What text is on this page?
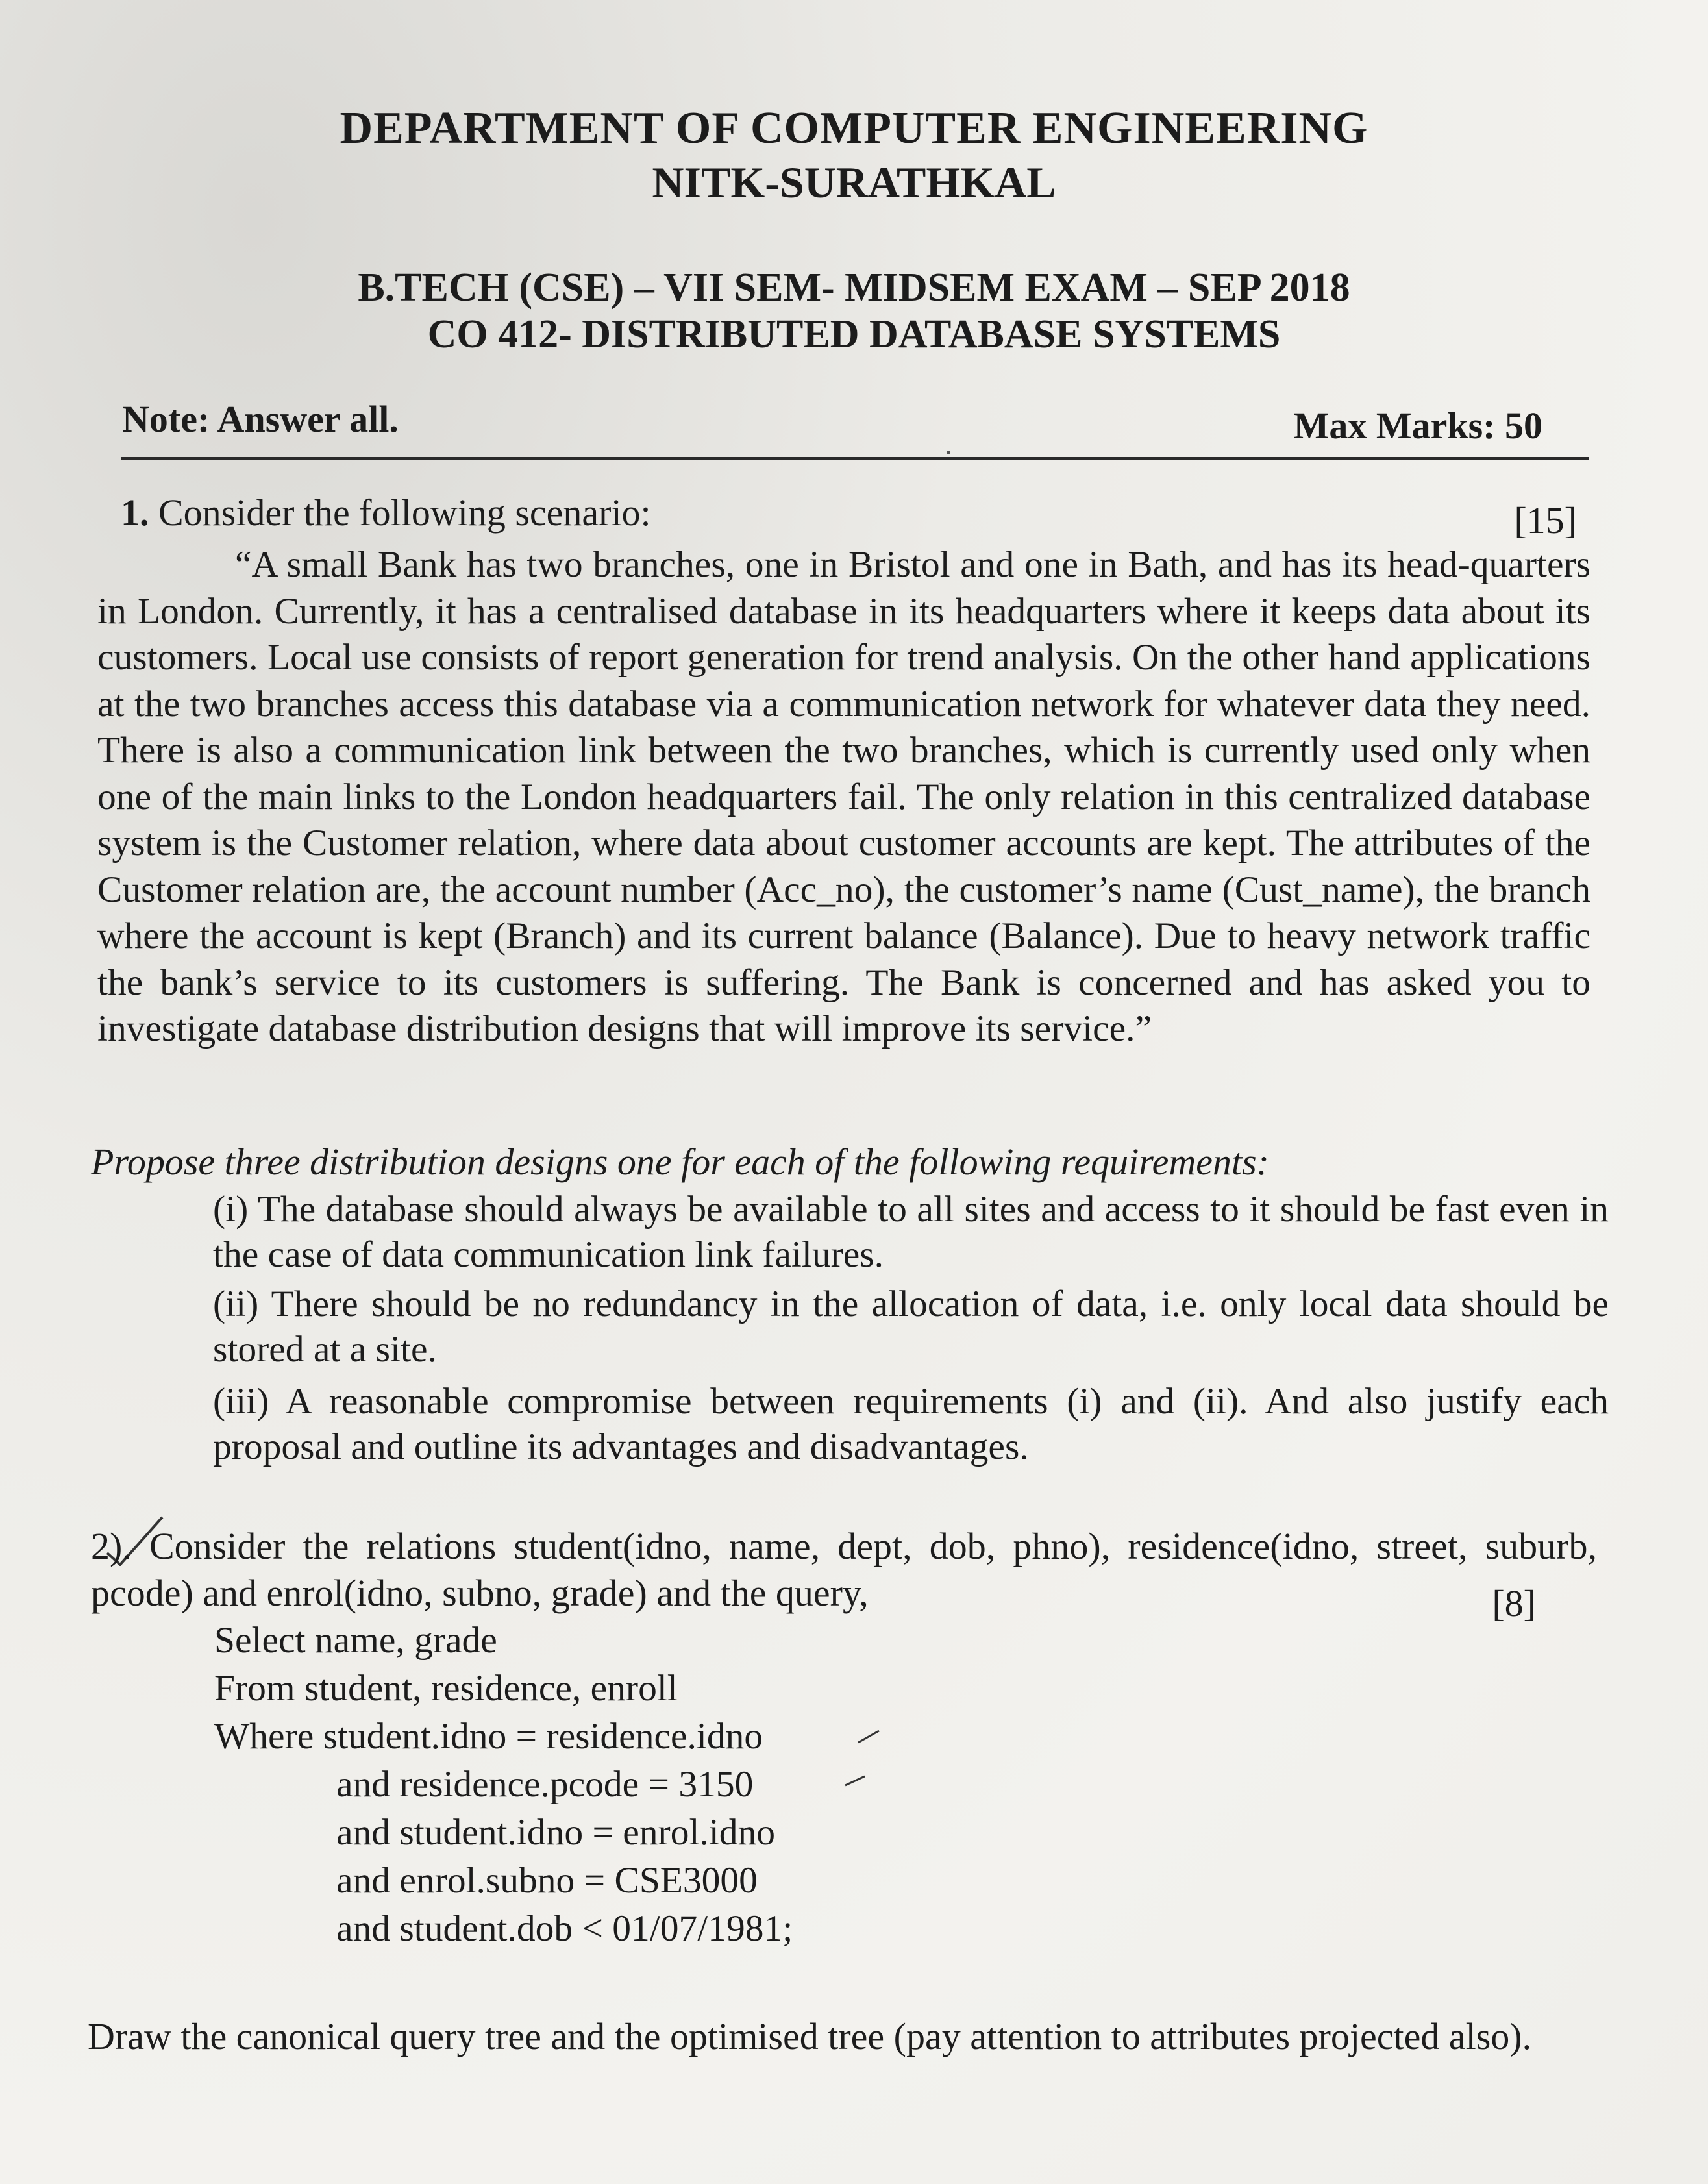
DEPARTMENT OF COMPUTER ENGINEERING
NITK-SURATHKAL
B.TECH (CSE) – VII SEM- MIDSEM EXAM – SEP 2018
CO 412- DISTRIBUTED DATABASE SYSTEMS
Note: Answer all.	Max Marks: 50
1. Consider the following scenario:	[15]
“A small Bank has two branches, one in Bristol and one in Bath, and has its head-quarters in London. Currently, it has a centralised database in its headquarters where it keeps data about its customers. Local use consists of report generation for trend analysis. On the other hand applications at the two branches access this database via a communication network for whatever data they need. There is also a communication link between the two branches, which is currently used only when one of the main links to the London headquarters fail. The only relation in this centralized database system is the Customer relation, where data about customer accounts are kept. The attributes of the Customer relation are, the account number (Acc_no), the customer’s name (Cust_name), the branch where the account is kept (Branch) and its current balance (Balance). Due to heavy network traffic the bank’s service to its customers is suffering. The Bank is concerned and has asked you to investigate database distribution designs that will improve its service.”
Propose three distribution designs one for each of the following requirements:
(i) The database should always be available to all sites and access to it should be fast even in the case of data communication link failures.
(ii) There should be no redundancy in the allocation of data, i.e. only local data should be stored at a site.
(iii) A reasonable compromise between requirements (i) and (ii). And also justify each proposal and outline its advantages and disadvantages.
2). Consider the relations student(idno, name, dept, dob, phno), residence(idno, street, suburb, pcode) and enrol(idno, subno, grade) and the query,	[8]
Select name, grade
From student, residence, enroll
Where student.idno = residence.idno
and residence.pcode = 3150
and student.idno = enrol.idno
and enrol.subno = CSE3000
and student.dob < 01/07/1981;
Draw the canonical query tree and the optimised tree (pay attention to attributes projected also).
